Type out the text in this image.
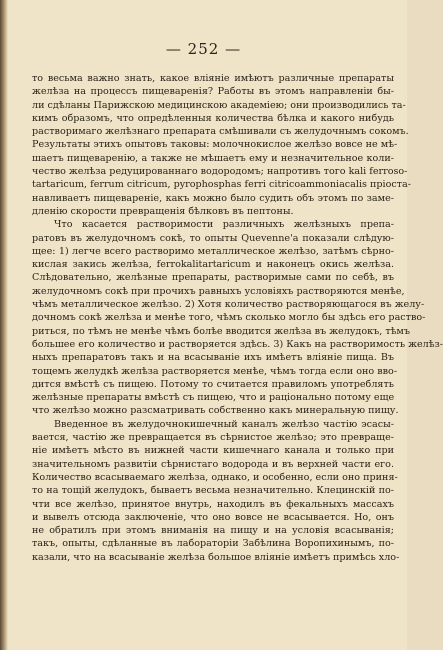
— 252 —
то весьма важно знать, какое вліяніе имѣютъ различные препараты
желѣза на процессъ пищеваренія? Работы въ этомъ направленіи бы-
ли сдѣланы Парижскою медицинскою академіею; они производились та-
кимъ образомъ, что опредѣленныя количества бѣлка и какого нибудь
растворимаго желѣзнаго препарата смѣшивали съ желудочнымъ сокомъ.
Результаты этихъ опытовъ таковы: молочнокислое желѣзо вовсе не мѣ-
шаетъ пищеваренію, а также не мѣшаетъ ему и незначительное коли-
чество желѣза редуцированнаго водородомъ; напротивъ того kali ferroso-
tartaricum, ferrum citricum, pyrophosphas ferri citricoammoniacalis пріоста-
навливаетъ пищевареніе, какъ можно было судить объ этомъ по заме-
дленію скорости превращенія бѣлковъ въ пептоны.
Что касается растворимости различныхъ желѣзныхъ препа-
ратовъ въ желудочномъ сокѣ, то опыты Quevenne'a показали слѣдую-
щее: 1) легче всего растворимо металлическое желѣзо, затѣмъ сѣрно-
кислая закись желѣза, ferrokalitartaricum и наконецъ окись желѣза.
Слѣдовательно, желѣзные препараты, растворимые сами по себѣ, въ
желудочномъ сокѣ при прочихъ равныхъ условіяхъ растворяются менѣе,
чѣмъ металлическое желѣзо. 2) Хотя количество растворяющагося въ желу-
дочномъ сокѣ желѣза и менѣе того, чѣмъ сколько могло бы здѣсь его раство-
риться, по тѣмъ не менѣе чѣмъ болѣе вводится желѣза въ желудокъ, тѣмъ
большее его количество и растворяется здѣсь. 3) Какъ на растворимость желѣз-
ныхъ препаратовъ такъ и на всасываніе ихъ имѣетъ вліяніе пища. Въ
тощемъ желудкѣ желѣза растворяется менѣе, чѣмъ тогда если оно вво-
дится вмѣстѣ съ пищею. Потому то считается правиломъ употреблять
желѣзные препараты вмѣстѣ съ пищею, что и раціонально потому еще
что желѣзо можно разсматривать собственно какъ минеральную пищу.
Введенное въ желудочнокишечный каналъ желѣзо частію эсасы-
вается, частію же превращается въ сѣрнистое желѣзо; это превраще-
ніе имѣетъ мѣсто въ нижней части кишечнаго канала и только при
значительномъ развитіи сѣрнистаго водорода и въ верхней части его.
Количество всасываемаго желѣза, однако, и особенно, если оно приня-
то на тощій желудокъ, бываетъ весьма незначительно. Клецинскій по-
чти все желѣзо, принятое внутрь, находилъ въ фекальныхъ массахъ
и вывелъ отсюда заключеніе, что оно вовсе не всасывается. Но, онъ
не обратилъ при этомъ вниманія на пищу и на условія всасыванія;
такъ, опыты, сдѣланные въ лабораторіи Забѣлина Воропихинымъ, по-
казали, что на всасываніе желѣза большое вліяніе имѣетъ примѣсь хло-
